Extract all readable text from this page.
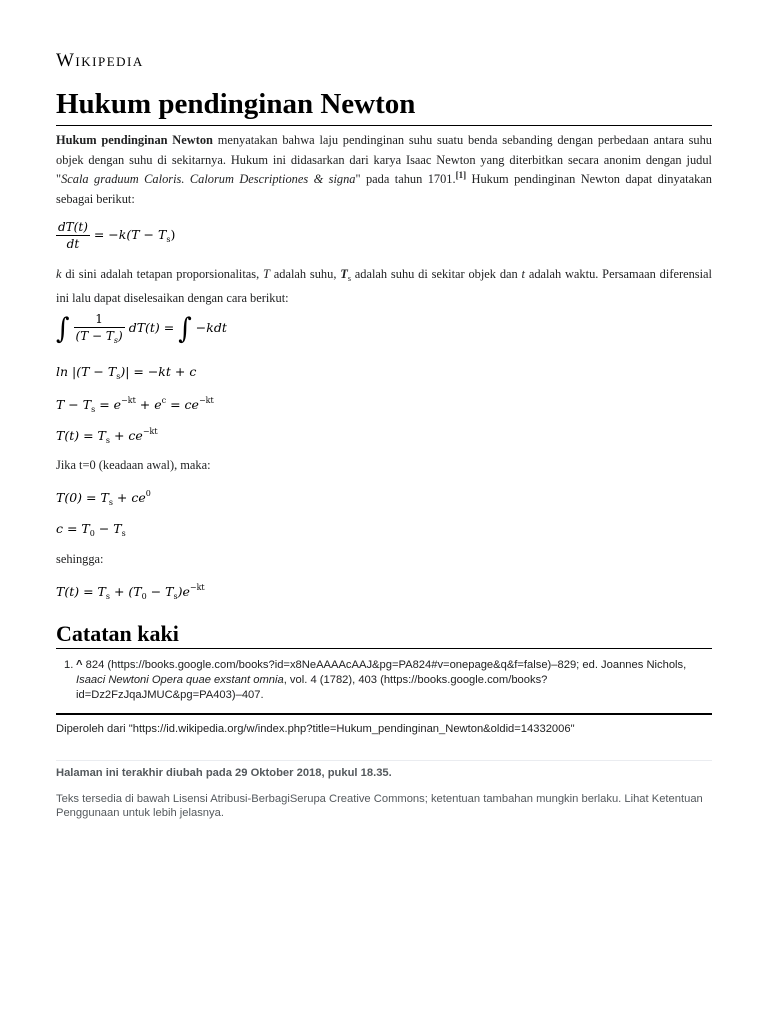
Wikipedia
Hukum pendinginan Newton

Hukum pendinginan Newton menyatakan bahwa laju pendinginan suhu suatu benda sebanding dengan perbedaan antara suhu objek dengan suhu di sekitarnya. Hukum ini didasarkan dari karya Isaac Newton yang diterbitkan secara anonim dengan judul "Scala graduum Caloris. Calorum Descriptiones & signa" pada tahun 1701.[1] Hukum pendinginan Newton dapat dinyatakan sebagai berikut:

$\frac{dT(t)}{dt} = -k(T - T_s)$

k di sini adalah tetapan proporsionalitas, T adalah suhu, $T_s$ adalah suhu di sekitar objek dan t adalah waktu. Persamaan diferensial ini lalu dapat diselesaikan dengan cara berikut:

∫ $\frac{1}{(T - T_s)} dT(t)$ = ∫ −kdt
$\ln |(T - T_s)| = -kt + c$
$T - T_s = e^{-kt} + e^c = ce^{-kt}$
$T(t) = T_s + ce^{-kt}$

Jika t=0 (keadaan awal), maka:

$T(0) = T_s + ce^0$
$c = T_0 - T_s$

sehingga:

$T(t) = T_s + (T_0 - T_s)e^{-kt}$
Catatan kaki
1. ^ 824 (https://books.google.com/books?id=x8NeAAAAcAAJ&pg=PA824#v=onepage&q&f=false)–829; ed. Joannes Nichols, Isaaci Newtoni Opera quae exstant omnia, vol. 4 (1782), 403 (https://books.google.com/books?id=Dz2FzJqaJMUC&pg=PA403)–407.
Diperoleh dari "https://id.wikipedia.org/w/index.php?title=Hukum_pendinginan_Newton&oldid=14332006"
Halaman ini terakhir diubah pada 29 Oktober 2018, pukul 18.35.
Teks tersedia di bawah Lisensi Atribusi-BerbagiSerupa Creative Commons; ketentuan tambahan mungkin berlaku. Lihat Ketentuan Penggunaan untuk lebih jelasnya.
